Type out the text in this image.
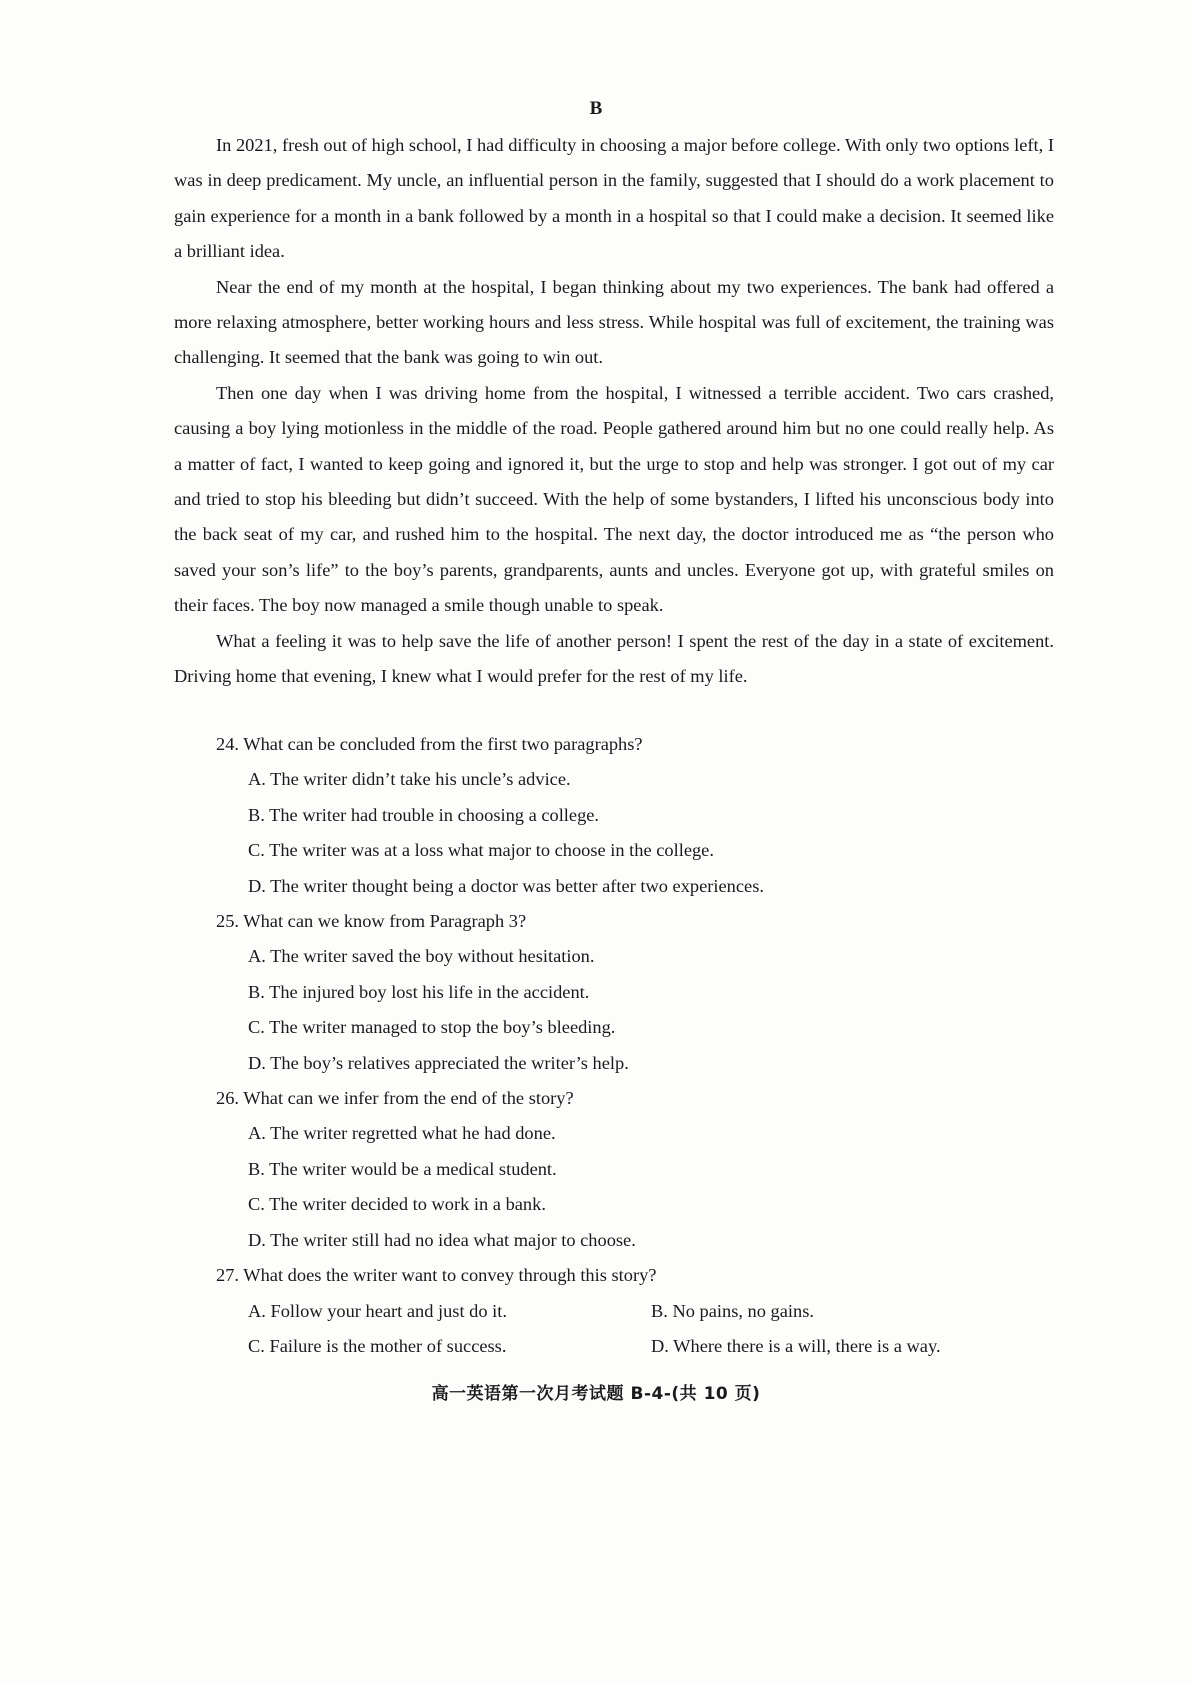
B

In 2021, fresh out of high school, I had difficulty in choosing a major before college. With only two options left, I was in deep predicament. My uncle, an influential person in the family, suggested that I should do a work placement to gain experience for a month in a bank followed by a month in a hospital so that I could make a decision. It seemed like a brilliant idea.

Near the end of my month at the hospital, I began thinking about my two experiences. The bank had offered a more relaxing atmosphere, better working hours and less stress. While hospital was full of excitement, the training was challenging. It seemed that the bank was going to win out.

Then one day when I was driving home from the hospital, I witnessed a terrible accident. Two cars crashed, causing a boy lying motionless in the middle of the road. People gathered around him but no one could really help. As a matter of fact, I wanted to keep going and ignored it, but the urge to stop and help was stronger. I got out of my car and tried to stop his bleeding but didn’t succeed. With the help of some bystanders, I lifted his unconscious body into the back seat of my car, and rushed him to the hospital. The next day, the doctor introduced me as “the person who saved your son’s life” to the boy’s parents, grandparents, aunts and uncles. Everyone got up, with grateful smiles on their faces. The boy now managed a smile though unable to speak.

What a feeling it was to help save the life of another person! I spent the rest of the day in a state of excitement. Driving home that evening, I knew what I would prefer for the rest of my life.

24. What can be concluded from the first two paragraphs?
A. The writer didn’t take his uncle’s advice.
B. The writer had trouble in choosing a college.
C. The writer was at a loss what major to choose in the college.
D. The writer thought being a doctor was better after two experiences.
25. What can we know from Paragraph 3?
A. The writer saved the boy without hesitation.
B. The injured boy lost his life in the accident.
C. The writer managed to stop the boy’s bleeding.
D. The boy’s relatives appreciated the writer’s help.
26. What can we infer from the end of the story?
A. The writer regretted what he had done.
B. The writer would be a medical student.
C. The writer decided to work in a bank.
D. The writer still had no idea what major to choose.
27. What does the writer want to convey through this story?
A. Follow your heart and just do it.	B. No pains, no gains.
C. Failure is the mother of success.	D. Where there is a will, there is a way.
高一英语第一次月考试题 B-4-(共 10 页)
